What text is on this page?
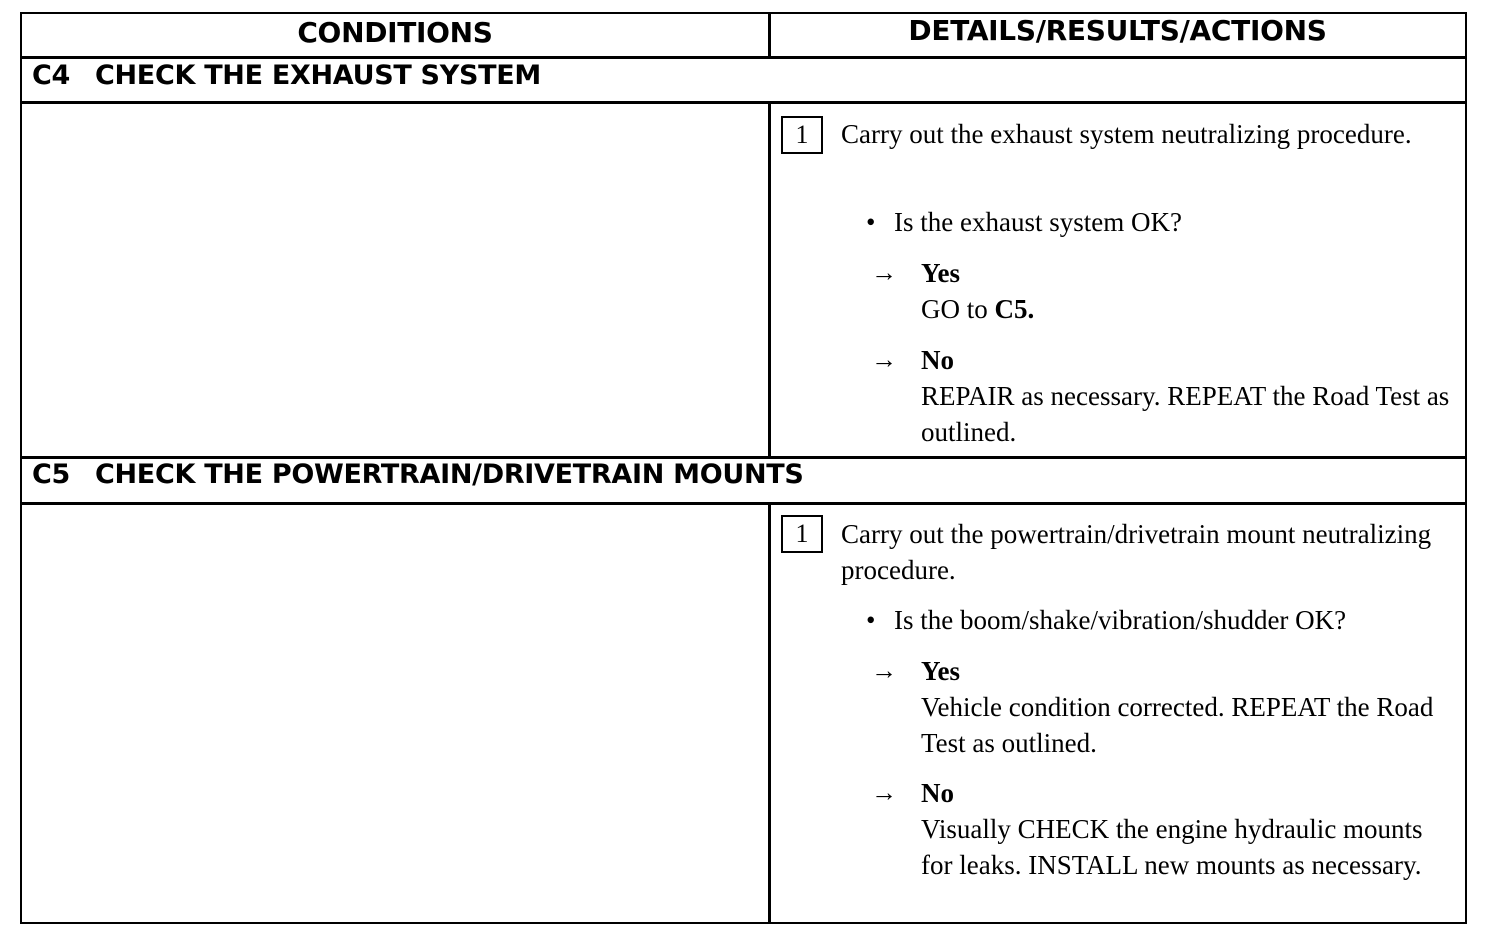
CONDITIONS	DETAILS/RESULTS/ACTIONS
C4 CHECK THE EXHAUST SYSTEM
1	Carry out the exhaust system neutralizing procedure.
• Is the exhaust system OK?
→ Yes
GO to C5.
→ No
REPAIR as necessary. REPEAT the Road Test as outlined.
C5 CHECK THE POWERTRAIN/DRIVETRAIN MOUNTS
1	Carry out the powertrain/drivetrain mount neutralizing procedure.
• Is the boom/shake/vibration/shudder OK?
→ Yes
Vehicle condition corrected. REPEAT the Road Test as outlined.
→ No
Visually CHECK the engine hydraulic mounts for leaks. INSTALL new mounts as necessary.
